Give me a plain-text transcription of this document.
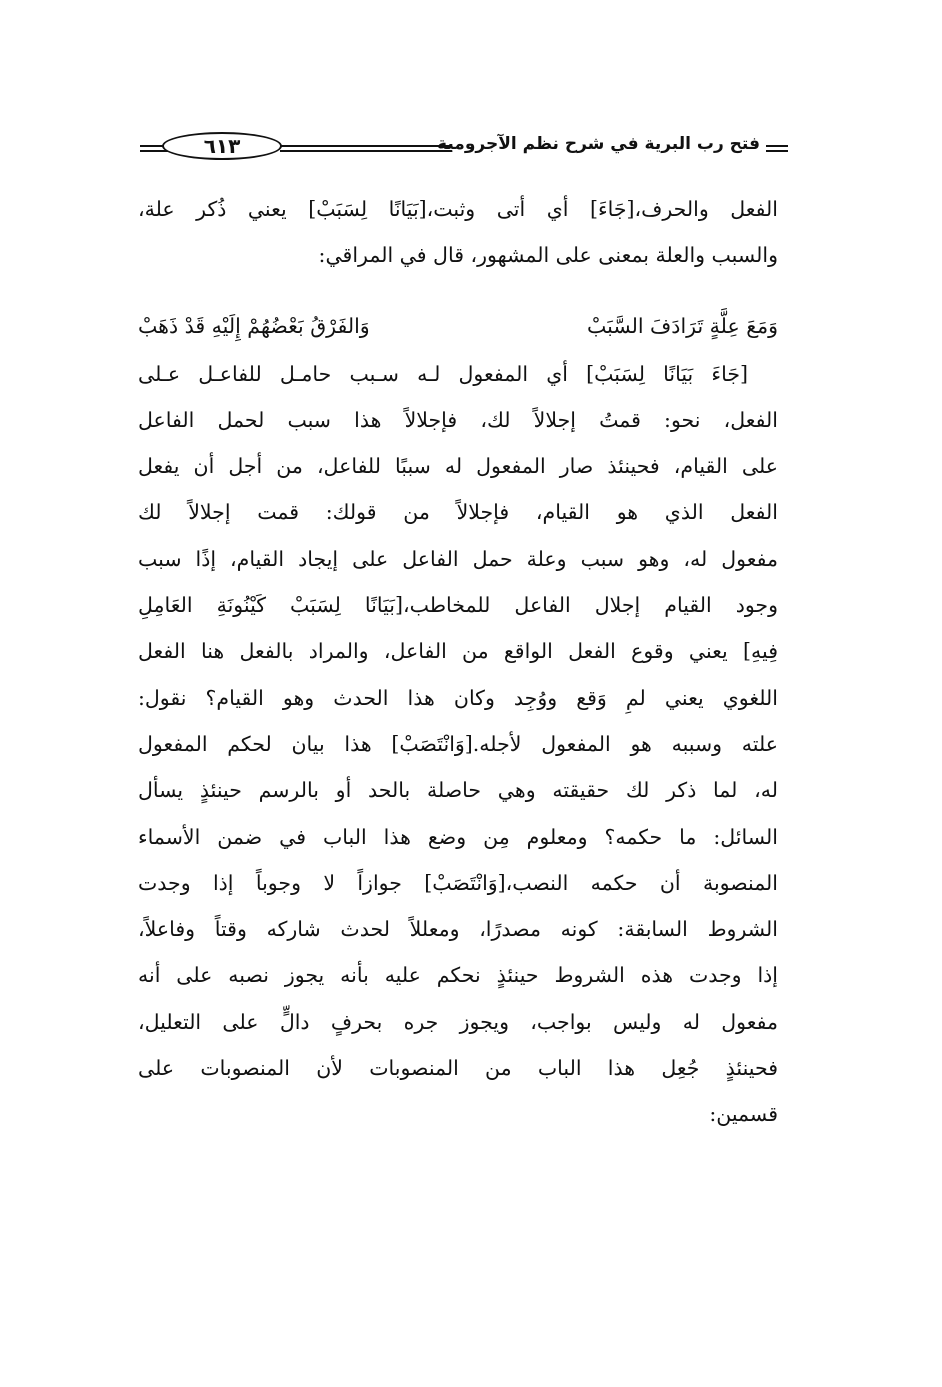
فتح رب البرية في شرح نظم الآجرومية
٦١٣
الفعل والحرف،[جَاءَ] أي أتى وثبت،[بَيَانًا لِسَبَبْ] يعني ذُكر علة،
والسبب والعلة بمعنى على المشهور، قال في المراقي:
وَمَعَ عِلَّةٍ تَرَادَفَ السَّبَبْ
وَالفَرْقُ بَعْضُهُمْ إِلَيْهِ قَدْ ذَهَبْ
[جَاءَ بَيَانًا لِسَبَبْ] أي المفعول لـه سـبب حامـل للفاعـل عـلى
الفعل، نحو: قمتُ إجلالاً لك، فإجلالاً هذا سبب لحمل الفاعل
على القيام، فحينئذ صار المفعول له سببًا للفاعل، من أجل أن يفعل
الفعل الذي هو القيام، فإجلالاً من قولك: قمت إجلالاً لك
مفعول له، وهو سبب وعلة حمل الفاعل على إيجاد القيام، إذًا سبب
وجود القيام إجلال الفاعل للمخاطب،[بَيَانًا لِسَبَبْ كَيْنُونَةِ العَامِلِ
فِيهِ] يعني وقوع الفعل الواقع من الفاعل، والمراد بالفعل هنا الفعل
اللغوي يعني لمِ وَقع ووُجِد وكان هذا الحدث وهو القيام؟ نقول:
علته وسببه هو المفعول لأجله.[وَانْتَصَبْ] هذا بيان لحكم المفعول
له، لما ذكر لك حقيقته وهي حاصلة بالحد أو بالرسم حينئذٍ يسأل
السائل: ما حكمه؟ ومعلوم مِن وضع هذا الباب في ضمن الأسماء
المنصوبة أن حكمه النصب،[وَانْتَصَبْ] جوازاً لا وجوباً إذا وجدت
الشروط السابقة: كونه مصدرًا، ومعللاً لحدث شاركه وقتاً وفاعلاً،
إذا وجدت هذه الشروط حينئذٍ نحكم عليه بأنه يجوز نصبه على أنه
مفعول له وليس بواجب، ويجوز جره بحرفٍ دالٍّ على التعليل،
فحينئذٍ جُعِل هذا الباب من المنصوبات لأن المنصوبات على
قسمين:
